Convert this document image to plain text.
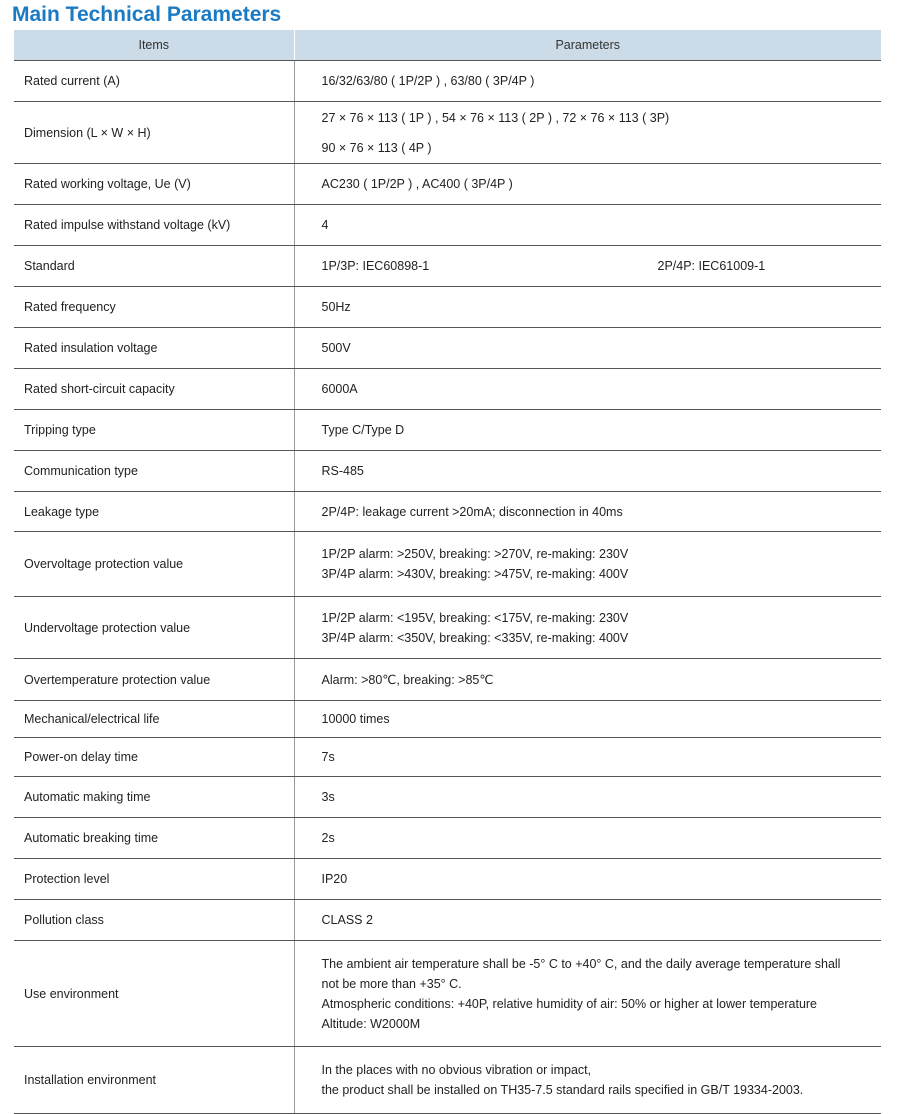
Main Technical Parameters
Items	Parameters
Rated current (A)	16/32/63/80 ( 1P/2P ) , 63/80 ( 3P/4P )

Dimension (L × W × H)	27 × 76 × 113 ( 1P ) , 54 × 76 × 113 ( 2P ) , 72 × 76 × 113 ( 3P)
90 × 76 × 113 ( 4P )

Rated working voltage, Ue (V)	AC230 ( 1P/2P ) , AC400 ( 3P/4P )

Rated impulse withstand voltage (kV)	4

Standard	1P/3P: IEC60898-1 2P/4P: IEC61009-1

Rated frequency	50Hz

Rated insulation voltage	500V

Rated short-circuit capacity	6000A

Tripping type	Type C/Type D

Communication type	RS-485

Leakage type	2P/4P: leakage current >20mA; disconnection in 40ms

Overvoltage protection value	1P/2P alarm: >250V, breaking: >270V, re-making: 230V
3P/4P alarm: >430V, breaking: >475V, re-making: 400V

Undervoltage protection value	1P/2P alarm: <195V, breaking: <175V, re-making: 230V
3P/4P alarm: <350V, breaking: <335V, re-making: 400V

Overtemperature protection value	Alarm: >80℃, breaking: >85℃

Mechanical/electrical life	10000 times

Power-on delay time	7s

Automatic making time	3s

Automatic breaking time	2s

Protection level	IP20

Pollution class	CLASS 2

Use environment	The ambient air temperature shall be -5° C to +40° C, and the daily average temperature shall
not be more than +35° C.
Atmospheric conditions: +40P, relative humidity of air: 50% or higher at lower temperature
Altitude: W2000M

Installation environment	In the places with no obvious vibration or impact,
the product shall be installed on TH35-7.5 standard rails specified in GB/T 19334-2003.
